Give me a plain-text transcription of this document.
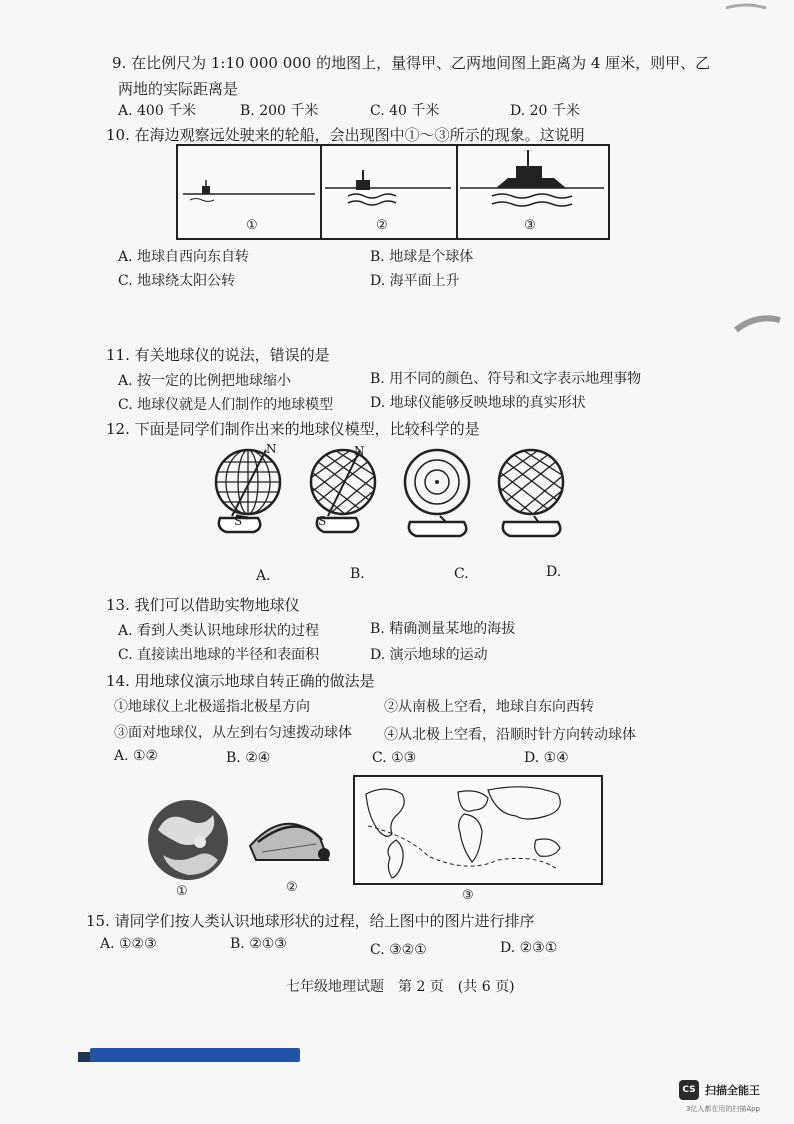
9. 在比例尺为 1:10 000 000 的地图上，量得甲、乙两地间图上距离为 4 厘米，则甲、乙
两地的实际距离是
A. 400 千米	B. 200 千米	C. 40 千米	D. 20 千米
10. 在海边观察远处驶来的轮船，会出现图中①～③所示的现象。这说明
①	②	③
A. 地球自西向东自转	B. 地球是个球体
C. 地球绕太阳公转	D. 海平面上升
11. 有关地球仪的说法，错误的是
A. 按一定的比例把地球缩小	B. 用不同的颜色、符号和文字表示地理事物
C. 地球仪就是人们制作的地球模型	D. 地球仪能够反映地球的真实形状
12. 下面是同学们制作出来的地球仪模型，比较科学的是
N
S
N
S
A.	B.	C.	D.
13. 我们可以借助实物地球仪
A. 看到人类认识地球形状的过程	B. 精确测量某地的海拔
C. 直接读出地球的半径和表面积	D. 演示地球的运动
14. 用地球仪演示地球自转正确的做法是
①地球仪上北极遥指北极星方向	②从南极上空看，地球自东向西转
③面对地球仪，从左到右匀速拨动球体 ④从北极上空看，沿顺时针方向转动球体
A. ①②	B. ②④	C. ①③	D. ①④
①	②
③
15. 请同学们按人类认识地球形状的过程，给上图中的图片进行排序
A. ①②③	B. ②①③	C. ③②①	D. ②③①
七年级地理试题　第 2 页　(共 6 页)
CS 扫描全能王
3亿人都在用的扫描App
